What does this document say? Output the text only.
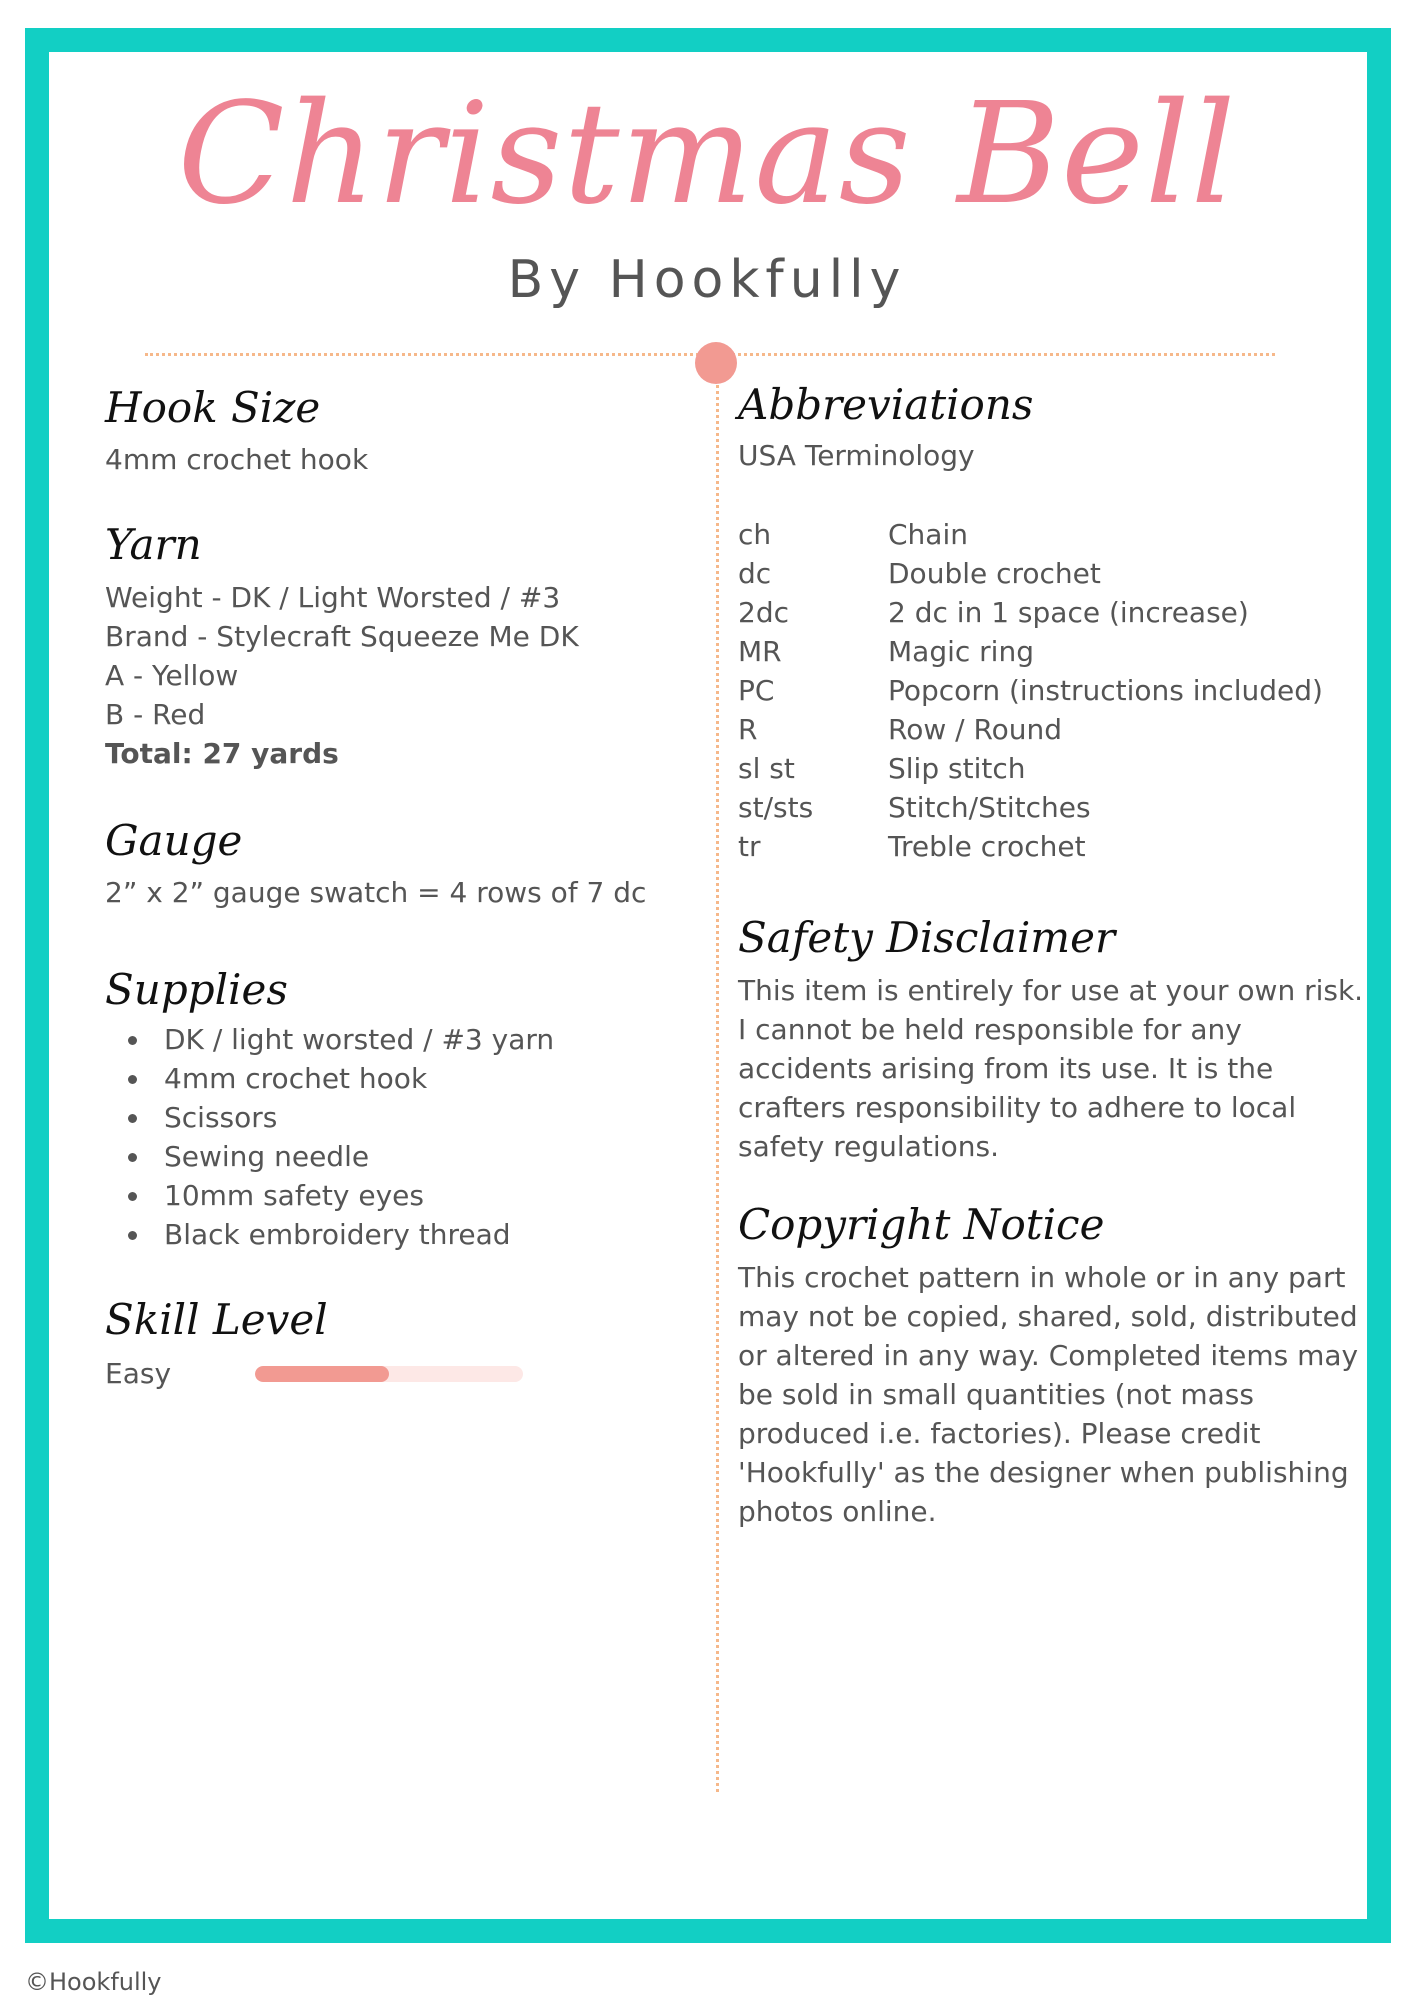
Christmas Bell
By Hookfully
Hook Size
4mm crochet hook
Yarn
Weight - DK / Light Worsted / #3
Brand - Stylecraft Squeeze Me DK
A - Yellow
B - Red
Total: 27 yards
Gauge
2” x 2” gauge swatch = 4 rows of 7 dc
Supplies
• DK / light worsted / #3 yarn
• 4mm crochet hook
• Scissors
• Sewing needle
• 10mm safety eyes
• Black embroidery thread
Skill Level
Easy
Abbreviations
USA Terminology
ch	Chain
dc	Double crochet
2dc	2 dc in 1 space (increase)
MR	Magic ring
PC	Popcorn (instructions included)
R	Row / Round
sl st	Slip stitch
st/sts	Stitch/Stitches
tr	Treble crochet
Safety Disclaimer
This item is entirely for use at your own risk. I cannot be held responsible for any accidents arising from its use. It is the crafters responsibility to adhere to local safety regulations.
Copyright Notice
This crochet pattern in whole or in any part may not be copied, shared, sold, distributed or altered in any way. Completed items may be sold in small quantities (not mass produced i.e. factories). Please credit 'Hookfully' as the designer when publishing photos online.
©Hookfully
